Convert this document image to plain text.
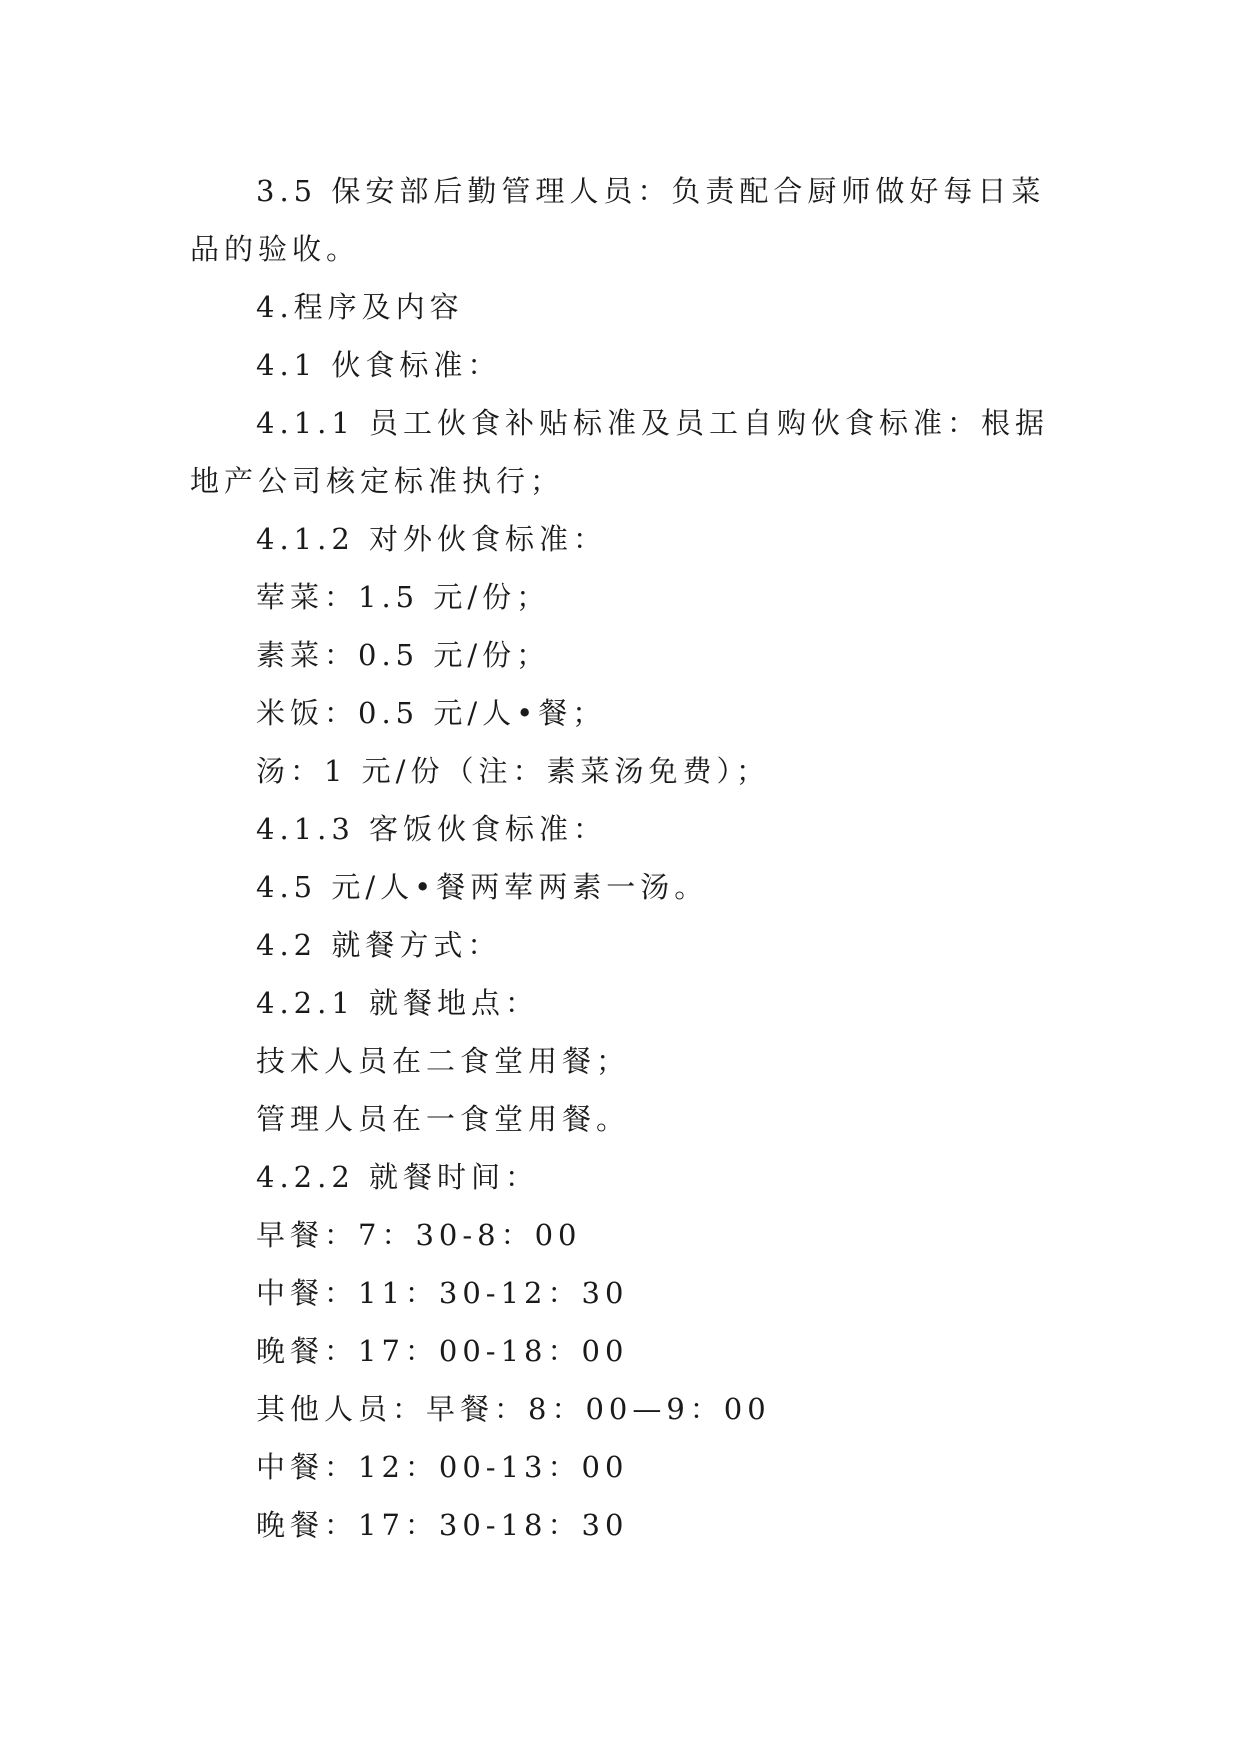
3.5 保安部后勤管理人员：负责配合厨师做好每日菜品的验收。

4.程序及内容

4.1 伙食标准：

4.1.1 员工伙食补贴标准及员工自购伙食标准：根据地产公司核定标准执行；

4.1.2 对外伙食标准：

荤菜：1.5 元/份；

素菜：0.5 元/份；

米饭：0.5 元/人•餐；

汤：1 元/份（注：素菜汤免费）；

4.1.3 客饭伙食标准：

4.5 元/人•餐两荤两素一汤。

4.2 就餐方式：

4.2.1 就餐地点：

技术人员在二食堂用餐；

管理人员在一食堂用餐。

4.2.2 就餐时间：

早餐：7：30-8：00

中餐：11：30-12：30

晚餐：17：00-18：00

其他人员：早餐：8：00—9：00

中餐：12：00-13：00

晚餐：17：30-18：30
